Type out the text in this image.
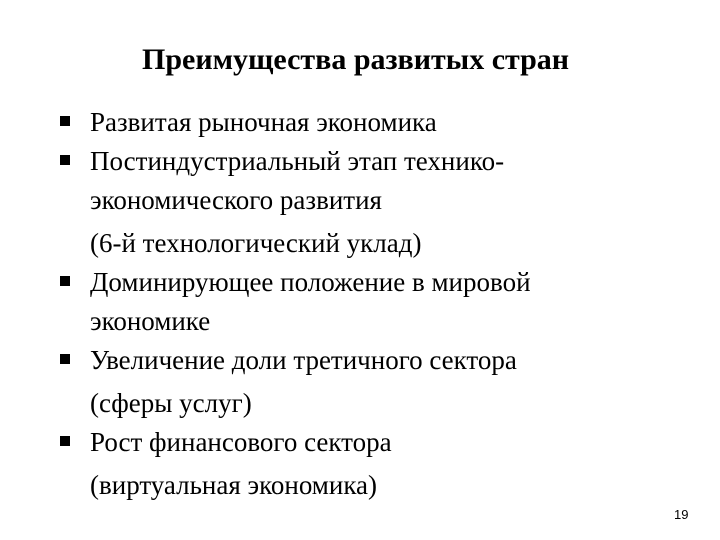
Преимущества развитых стран
Развитая рыночная экономика
Постиндустриальный этап технико-
экономического развития
(6-й технологический уклад)
Доминирующее положение в мировой
экономике
Увеличение доли третичного сектора
(сферы услуг)
Рост финансового сектора
(виртуальная экономика)
19
